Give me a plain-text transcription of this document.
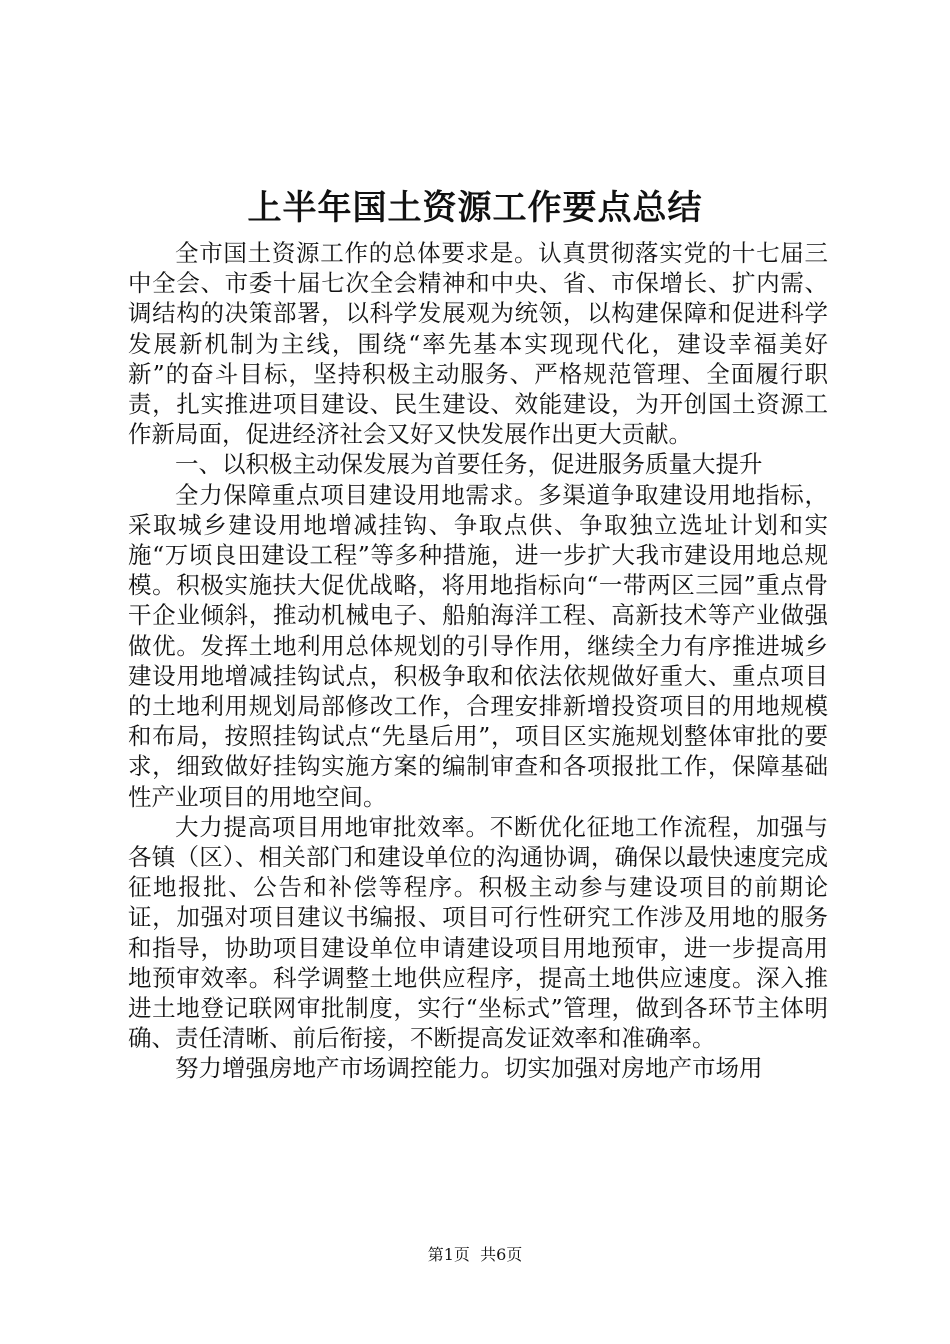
上半年国土资源工作要点总结

全市国土资源工作的总体要求是。认真贯彻落实党的十七届三中全会、市委十届七次全会精神和中央、省、市保增长、扩内需、调结构的决策部署，以科学发展观为统领，以构建保障和促进科学发展新机制为主线，围绕“率先基本实现现代化，建设幸福美好新”的奋斗目标，坚持积极主动服务、严格规范管理、全面履行职责，扎实推进项目建设、民生建设、效能建设，为开创国土资源工作新局面，促进经济社会又好又快发展作出更大贡献。

一、以积极主动保发展为首要任务，促进服务质量大提升

全力保障重点项目建设用地需求。多渠道争取建设用地指标，采取城乡建设用地增减挂钩、争取点供、争取独立选址计划和实施“万顷良田建设工程”等多种措施，进一步扩大我市建设用地总规模。积极实施扶大促优战略，将用地指标向“一带两区三园”重点骨干企业倾斜，推动机械电子、船舶海洋工程、高新技术等产业做强做优。发挥土地利用总体规划的引导作用，继续全力有序推进城乡建设用地增减挂钩试点，积极争取和依法依规做好重大、重点项目的土地利用规划局部修改工作，合理安排新增投资项目的用地规模和布局，按照挂钩试点“先垦后用”，项目区实施规划整体审批的要求，细致做好挂钩实施方案的编制审查和各项报批工作，保障基础性产业项目的用地空间。

大力提高项目用地审批效率。不断优化征地工作流程，加强与各镇（区）、相关部门和建设单位的沟通协调，确保以最快速度完成征地报批、公告和补偿等程序。积极主动参与建设项目的前期论证，加强对项目建议书编报、项目可行性研究工作涉及用地的服务和指导，协助项目建设单位申请建设项目用地预审，进一步提高用地预审效率。科学调整土地供应程序，提高土地供应速度。深入推进土地登记联网审批制度，实行“坐标式”管理，做到各环节主体明确、责任清晰、前后衔接，不断提高发证效率和准确率。

努力增强房地产市场调控能力。切实加强对房地产市场用

第1页 共6页
